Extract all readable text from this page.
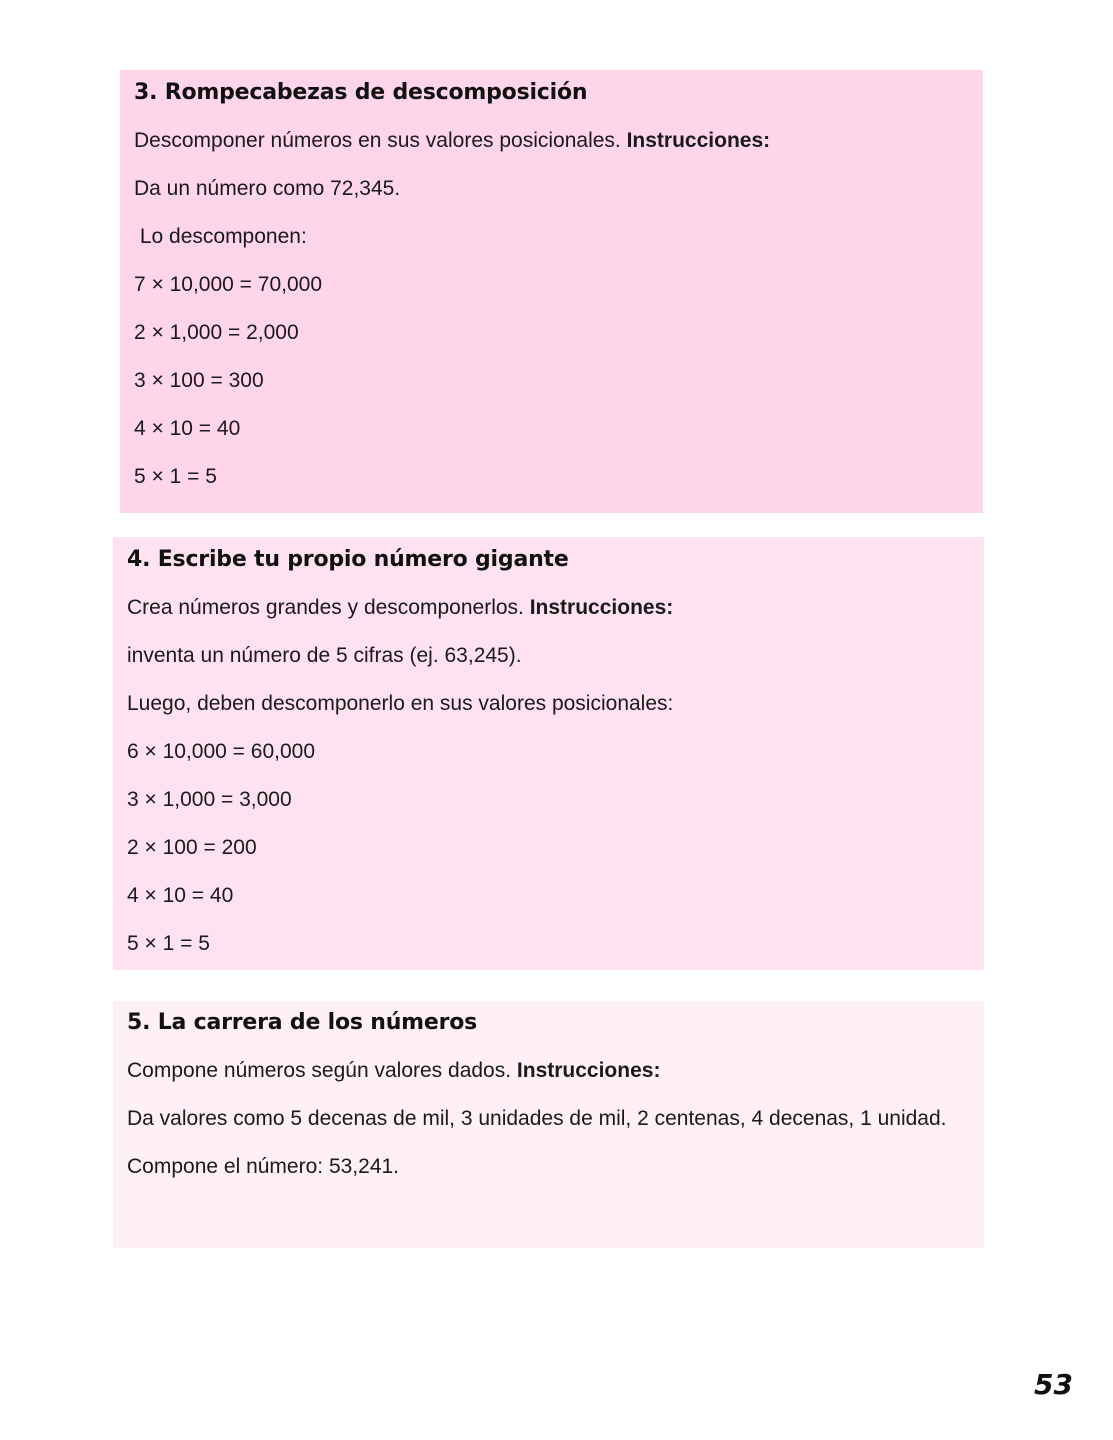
3. Rompecabezas de descomposición

Descomponer números en sus valores posicionales. Instrucciones:

Da un número como 72,345.

Lo descomponen:

7 × 10,000 = 70,000

2 × 1,000 = 2,000

3 × 100 = 300

4 × 10 = 40

5 × 1 = 5

4. Escribe tu propio número gigante

Crea números grandes y descomponerlos. Instrucciones:

inventa un número de 5 cifras (ej. 63,245).

Luego, deben descomponerlo en sus valores posicionales:

6 × 10,000 = 60,000

3 × 1,000 = 3,000

2 × 100 = 200

4 × 10 = 40

5 × 1 = 5

5. La carrera de los números

Compone números según valores dados. Instrucciones:

Da valores como 5 decenas de mil, 3 unidades de mil, 2 centenas, 4 decenas, 1 unidad.

Compone el número: 53,241.

53
